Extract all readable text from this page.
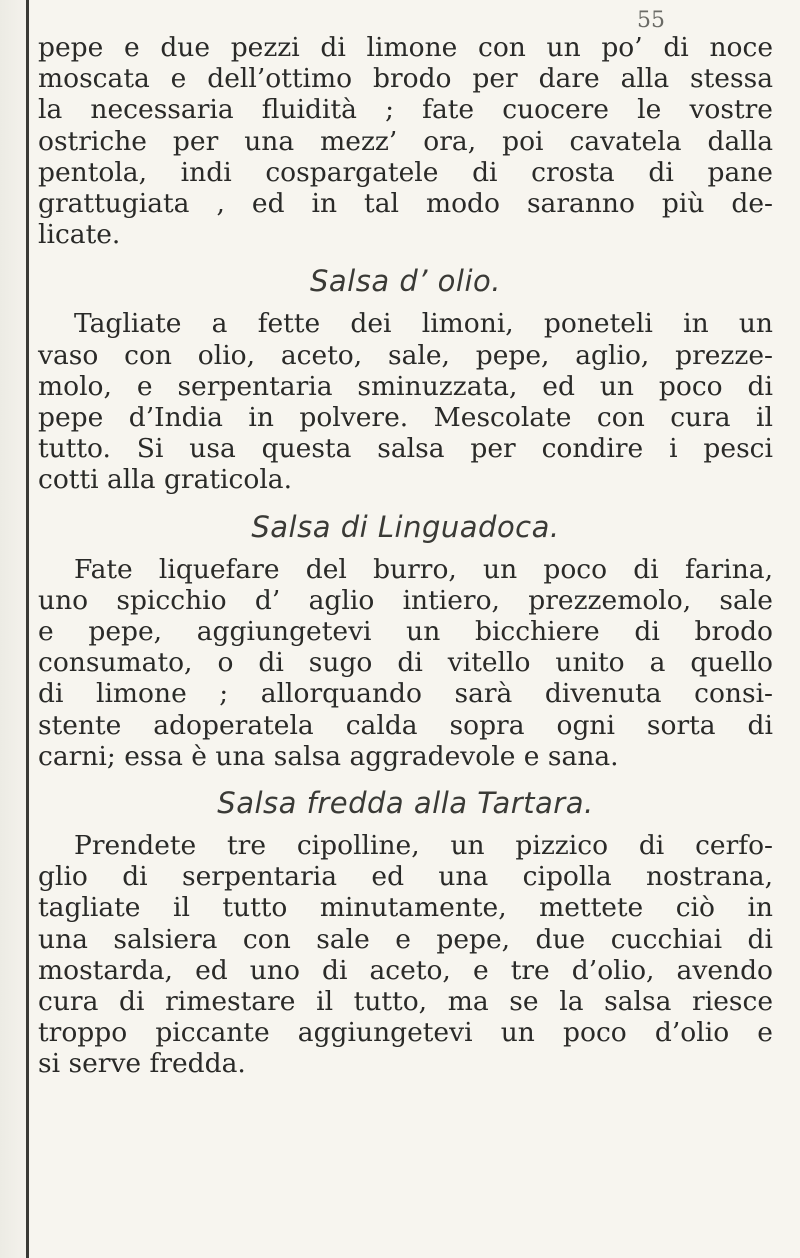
55

pepe e due pezzi di limone con un po’ di noce
moscata e dell’ottimo brodo per dare alla stessa
la necessaria fluidità ; fate cuocere le vostre
ostriche per una mezz’ ora, poi cavatela dalla
pentola, indi cospargatele di crosta di pane
grattugiata , ed in tal modo saranno più de-
licate.

Salsa d’ olio.

Tagliate a fette dei limoni, poneteli in un
vaso con olio, aceto, sale, pepe, aglio, prezze-
molo, e serpentaria sminuzzata, ed un poco di
pepe d’India in polvere. Mescolate con cura il
tutto. Si usa questa salsa per condire i pesci
cotti alla graticola.

Salsa di Linguadoca.

Fate liquefare del burro, un poco di farina,
uno spicchio d’ aglio intiero, prezzemolo, sale
e pepe, aggiungetevi un bicchiere di brodo
consumato, o di sugo di vitello unito a quello
di limone ; allorquando sarà divenuta consi-
stente adoperatela calda sopra ogni sorta di
carni; essa è una salsa aggradevole e sana.

Salsa fredda alla Tartara.

Prendete tre cipolline, un pizzico di cerfo-
glio di serpentaria ed una cipolla nostrana,
tagliate il tutto minutamente, mettete ciò in
una salsiera con sale e pepe, due cucchiai di
mostarda, ed uno di aceto, e tre d’olio, avendo
cura di rimestare il tutto, ma se la salsa riesce
troppo piccante aggiungetevi un poco d’olio e
si serve fredda.
